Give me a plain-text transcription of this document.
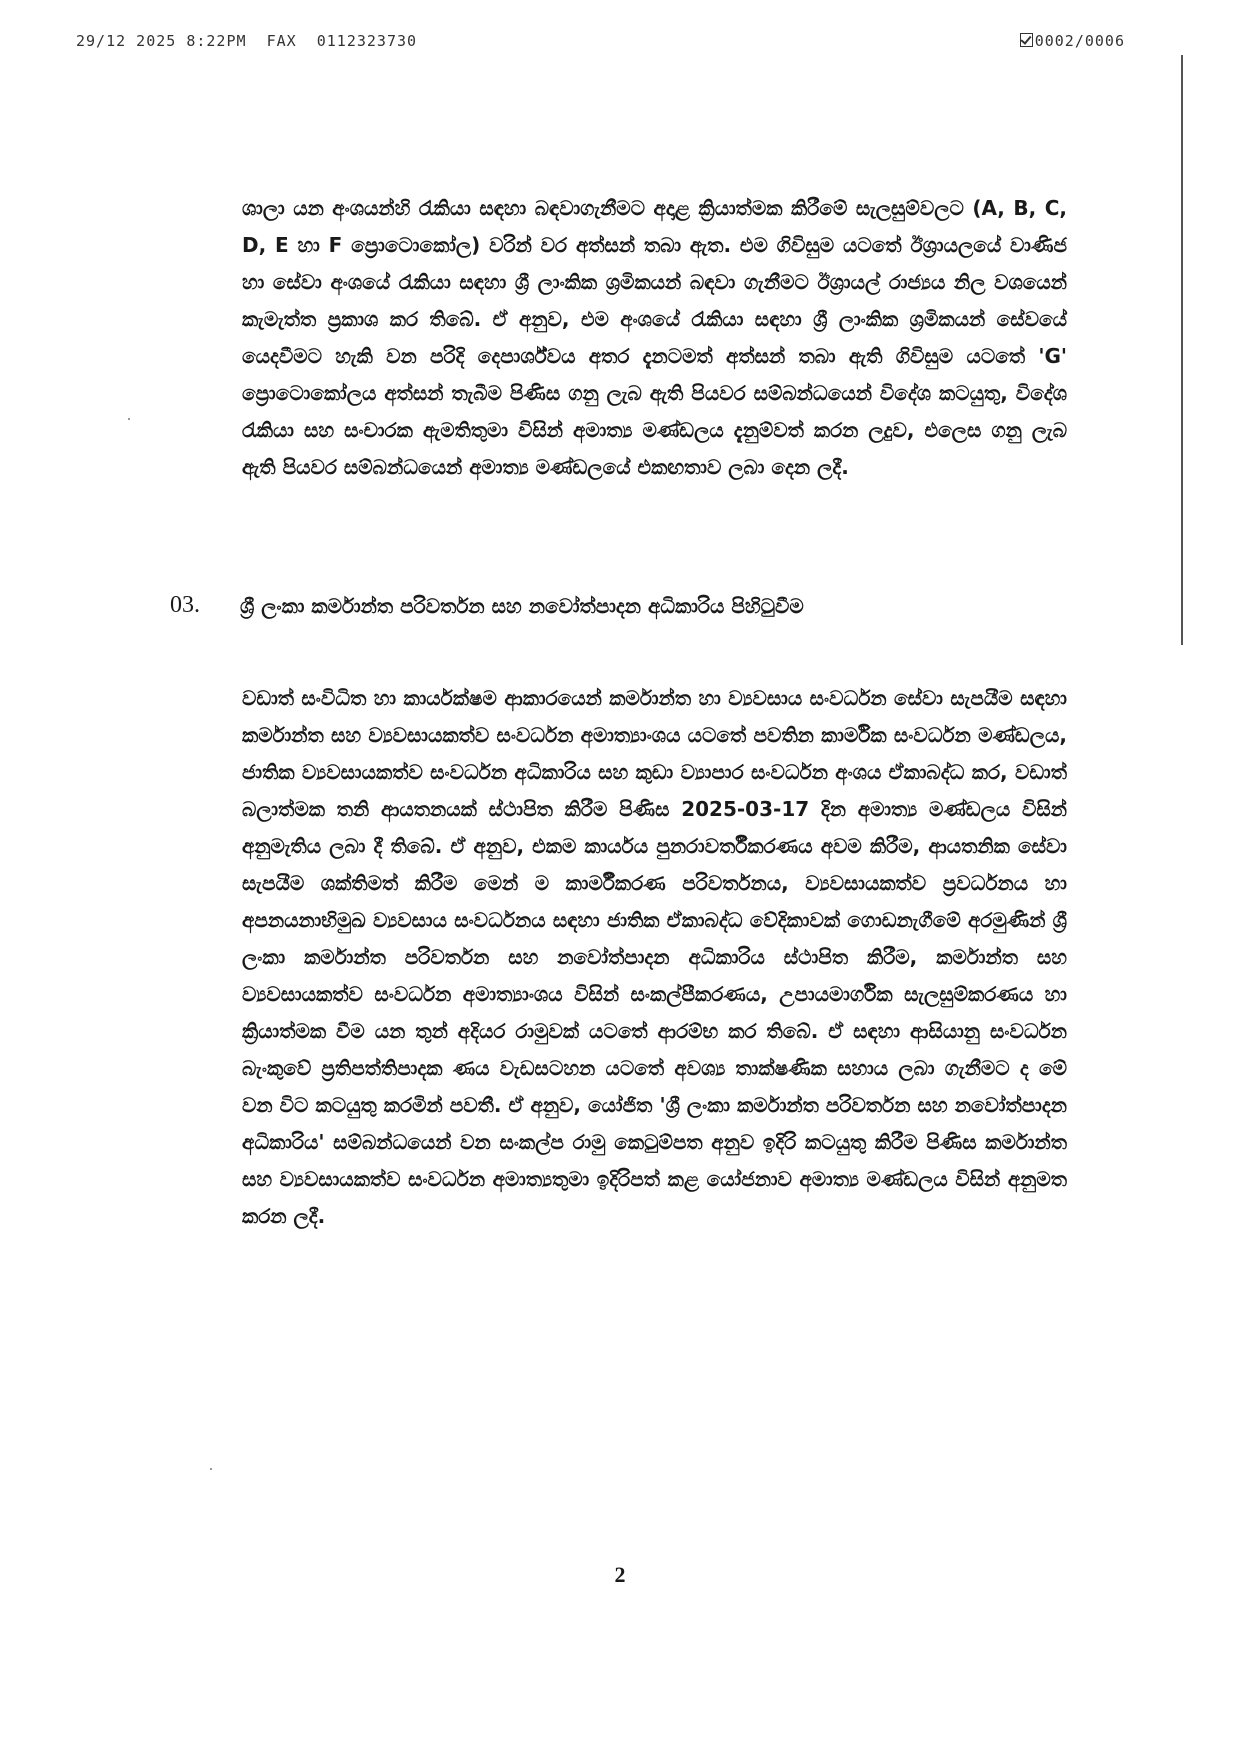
29/12 2025 8:22PM  FAX  0112323730	0002/0006

ශාලා යන අංශයන්හි රැකියා සඳහා බඳවාගැනීමට අදාළ ක්‍රියාත්මක කිරීමේ සැලසුම්වලට (A, B, C, D, E හා F ප්‍රොටොකෝල) වරින් වර අත්සන් තබා ඇත. එම ගිවිසුම යටතේ ඊශ්‍රායලයේ වාණිජ හා සේවා අංශයේ රැකියා සඳහා ශ්‍රී ලාංකික ශ්‍රමිකයන් බඳවා ගැනීමට ඊශ්‍රායල් රාජ්‍යය නිල වශයෙන් කැමැත්ත ප්‍රකාශ කර තිබේ. ඒ අනුව, එම අංශයේ රැකියා සඳහා ශ්‍රී ලාංකික ශ්‍රමිකයන් සේවයේ යෙදවීමට හැකි වන පරිදි දෙපාර්ශ්වය අතර දැනටමත් අත්සන් තබා ඇති ගිවිසුම යටතේ 'G' ප්‍රොටොකෝලය අත්සන් තැබීම පිණිස ගනු ලැබ ඇති පියවර සම්බන්ධයෙන් විදේශ කටයුතු, විදේශ රැකියා සහ සංචාරක ඇමතිතුමා විසින් අමාත්‍ය මණ්ඩලය දැනුම්වත් කරන ලදුව, එලෙස ගනු ලැබ ඇති පියවර සම්බන්ධයෙන් අමාත්‍ය මණ්ඩලයේ එකඟතාව ලබා දෙන ලදී.

03. ශ්‍රී ලංකා කර්මාන්ත පරිවර්තන සහ නවෝත්පාදන අධිකාරිය පිහිටුවීම

වඩාත් සංවිධිත හා කාර්යක්ෂම ආකාරයෙන් කර්මාන්ත හා ව්‍යවසාය සංවර්ධන සේවා සැපයීම සඳහා කර්මාන්ත සහ ව්‍යවසායකත්ව සංවර්ධන අමාත්‍යාංශය යටතේ පවතින කාර්මික සංවර්ධන මණ්ඩලය, ජාතික ව්‍යවසායකත්ව සංවර්ධන අධිකාරිය සහ කුඩා ව්‍යාපාර සංවර්ධන අංශය ඒකාබද්ධ කර, වඩාත් බලාත්මක තනි ආයතනයක් ස්ථාපිත කිරීම පිණිස 2025-03-17 දින අමාත්‍ය මණ්ඩලය විසින් අනුමැතිය ලබා දී තිබේ. ඒ අනුව, එකම කාර්යය පුනරාවර්තීකරණය අවම කිරීම, ආයතනික සේවා සැපයීම ශක්තිමත් කිරීම මෙන් ම කාර්මීකරණ පරිවර්තනය, ව්‍යවසායකත්ව ප්‍රවර්ධනය හා අපනයනාභිමුඛ ව්‍යවසාය සංවර්ධනය සඳහා ජාතික ඒකාබද්ධ වේදිකාවක් ගොඩනැගීමේ අරමුණින් ශ්‍රී ලංකා කර්මාන්ත පරිවර්තන සහ නවෝත්පාදන අධිකාරිය ස්ථාපිත කිරීම, කර්මාන්ත සහ ව්‍යවසායකත්ව සංවර්ධන අමාත්‍යාංශය විසින් සංකල්පීකරණය, උපායමාර්ගික සැලසුම්කරණය හා ක්‍රියාත්මක වීම යන තුන් අදියර රාමුවක් යටතේ ආරම්භ කර තිබේ. ඒ සඳහා ආසියානු සංවර්ධන බැංකුවේ ප්‍රතිපත්තිපාදක ණය වැඩසටහන යටතේ අවශ්‍ය තාක්ෂණික සහාය ලබා ගැනීමට ද මේ වන විට කටයුතු කරමින් පවතී. ඒ අනුව, යෝජිත 'ශ්‍රී ලංකා කර්මාන්ත පරිවර්තන සහ නවෝත්පාදන අධිකාරිය' සම්බන්ධයෙන් වන සංකල්ප රාමු කෙටුම්පත අනුව ඉදිරි කටයුතු කිරීම පිණිස කර්මාන්ත සහ ව්‍යවසායකත්ව සංවර්ධන අමාත්‍යතුමා ඉදිරිපත් කළ යෝජනාව අමාත්‍ය මණ්ඩලය විසින් අනුමත කරන ලදී.

2
